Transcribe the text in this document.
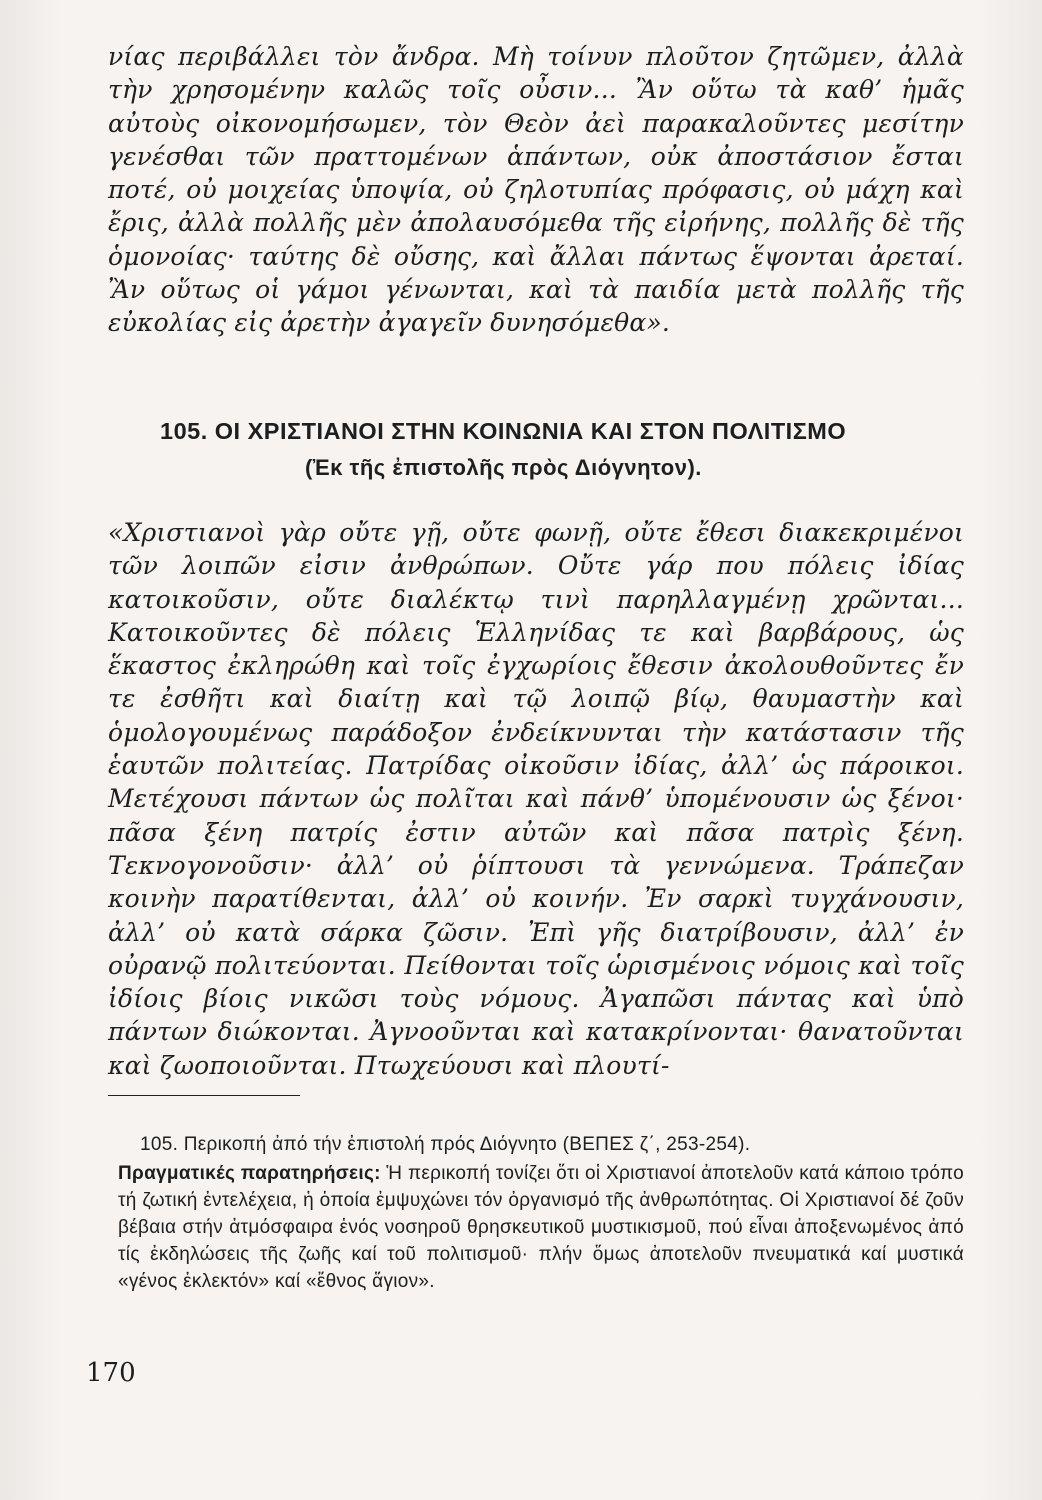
νίας περιβάλλει τὸν ἄνδρα. Μὴ τοίνυν πλοῦτον ζητῶμεν, ἀλλὰ τὴν χρησομένην καλῶς τοῖς οὖσιν... Ἂν οὕτω τὰ καθ’ ἡμᾶς αὐτοὺς οἰκονομήσωμεν, τὸν Θεὸν ἀεὶ παρακαλοῦντες μεσίτην γενέσθαι τῶν πραττομένων ἁπάντων, οὐκ ἀποστάσιον ἔσται ποτέ, οὐ μοιχείας ὑποψία, οὐ ζηλοτυπίας πρόφασις, οὐ μάχη καὶ ἔρις, ἀλλὰ πολλῆς μὲν ἀπολαυσόμεθα τῆς εἰρήνης, πολλῆς δὲ τῆς ὁμονοίας· ταύτης δὲ οὔσης, καὶ ἄλλαι πάντως ἕψονται ἀρεταί. Ἂν οὕτως οἱ γάμοι γένωνται, καὶ τὰ παιδία μετὰ πολλῆς τῆς εὐκολίας εἰς ἀρετὴν ἀγαγεῖν δυνησόμεθα».

105. ΟΙ ΧΡΙΣΤΙΑΝΟΙ ΣΤΗΝ ΚΟΙΝΩΝΙΑ ΚΑΙ ΣΤΟΝ ΠΟΛΙΤΙΣΜΟ
(Ἐκ τῆς ἐπιστολῆς πρὸς Διόγνητον).

«Χριστιανοὶ γὰρ οὔτε γῇ, οὔτε φωνῇ, οὔτε ἔθεσι διακεκριμένοι τῶν λοιπῶν εἰσιν ἀνθρώπων. Οὔτε γάρ που πόλεις ἰδίας κατοικοῦσιν, οὔτε διαλέκτῳ τινὶ παρηλλαγμένῃ χρῶνται... Κατοικοῦντες δὲ πόλεις Ἑλληνίδας τε καὶ βαρβάρους, ὡς ἕκαστος ἐκληρώθη καὶ τοῖς ἐγχωρίοις ἔθεσιν ἀκολουθοῦντες ἔν τε ἐσθῆτι καὶ διαίτῃ καὶ τῷ λοιπῷ βίῳ, θαυμαστὴν καὶ ὁμολογουμένως παράδοξον ἐνδείκνυνται τὴν κατάστασιν τῆς ἑαυτῶν πολιτείας. Πατρίδας οἰκοῦσιν ἰδίας, ἀλλ’ ὡς πάροικοι. Μετέχουσι πάντων ὡς πολῖται καὶ πάνθ’ ὑπομένουσιν ὡς ξένοι· πᾶσα ξένη πατρίς ἐστιν αὐτῶν καὶ πᾶσα πατρὶς ξένη. Τεκνογονοῦσιν· ἀλλ’ οὐ ῥίπτουσι τὰ γεννώμενα. Τράπεζαν κοινὴν παρατίθενται, ἀλλ’ οὐ κοινήν. Ἐν σαρκὶ τυγχάνουσιν, ἀλλ’ οὐ κατὰ σάρκα ζῶσιν. Ἐπὶ γῆς διατρίβουσιν, ἀλλ’ ἐν οὐρανῷ πολιτεύονται. Πείθονται τοῖς ὡρισμένοις νόμοις καὶ τοῖς ἰδίοις βίοις νικῶσι τοὺς νόμους. Ἀγαπῶσι πάντας καὶ ὑπὸ πάντων διώκονται. Ἀγνοοῦνται καὶ κατακρίνονται· θανατοῦνται καὶ ζωοποιοῦνται. Πτωχεύουσι καὶ πλουτί-

105. Περικοπή ἀπό τήν ἐπιστολή πρός Διόγνητο (ΒΕΠΕΣ ζ΄, 253-254).
Πραγματικές παρατηρήσεις: Ἡ περικοπή τονίζει ὅτι οἱ Χριστιανοί ἀποτελοῦν κατά κάποιο τρόπο τή ζωτική ἐντελέχεια, ἡ ὁποία ἐμψυχώνει τόν ὀργανισμό τῆς ἀνθρωπότητας. Οἱ Χριστιανοί δέ ζοῦν βέβαια στήν ἀτμόσφαιρα ἑνός νοσηροῦ θρησκευτικοῦ μυστικισμοῦ, πού εἶναι ἀποξενωμένος ἀπό τίς ἐκδηλώσεις τῆς ζωῆς καί τοῦ πολιτισμοῦ· πλήν ὅμως ἀποτελοῦν πνευματικά καί μυστικά «γένος ἐκλεκτόν» καί «ἔθνος ἅγιον».
170
